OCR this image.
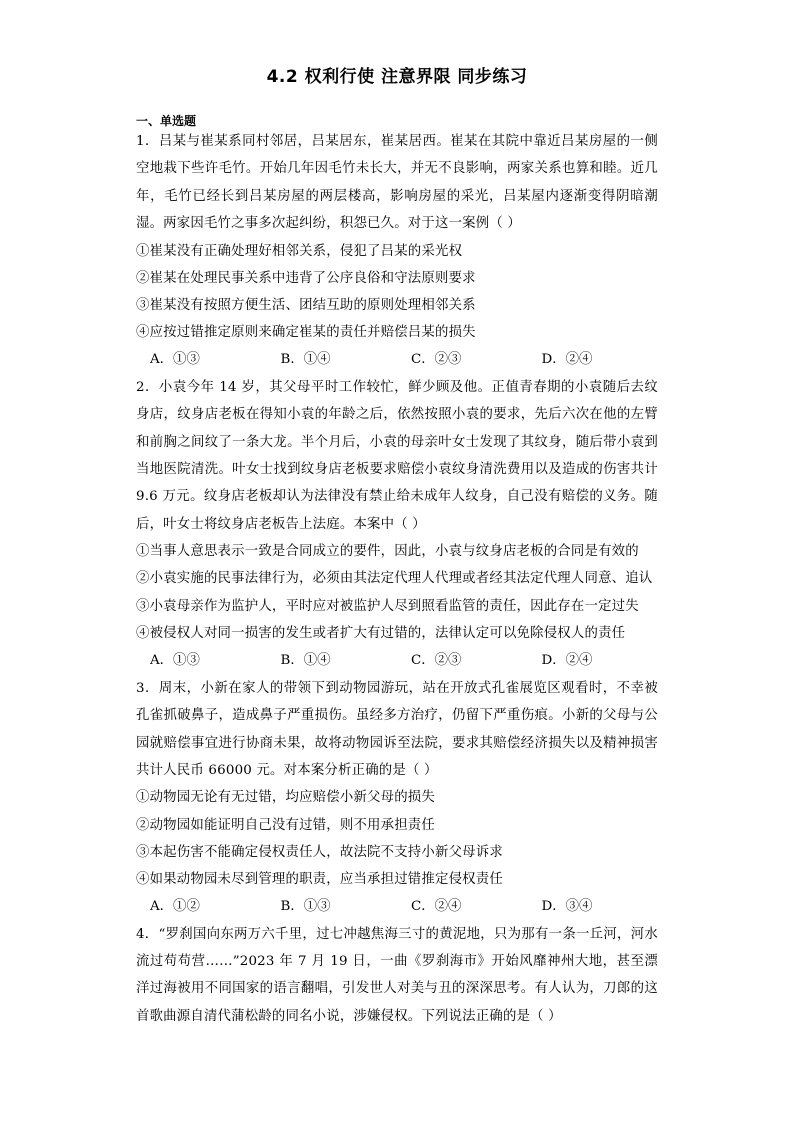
4.2 权利行使 注意界限 同步练习
一、单选题

1．吕某与崔某系同村邻居，吕某居东，崔某居西。崔某在其院中靠近吕某房屋的一侧空地栽下些许毛竹。开始几年因毛竹未长大，并无不良影响，两家关系也算和睦。近几年，毛竹已经长到吕某房屋的两层楼高，影响房屋的采光，吕某屋内逐渐变得阴暗潮湿。两家因毛竹之事多次起纠纷，积怨已久。对于这一案例（ ）

①崔某没有正确处理好相邻关系，侵犯了吕某的采光权

②崔某在处理民事关系中违背了公序良俗和守法原则要求

③崔某没有按照方便生活、团结互助的原则处理相邻关系

④应按过错推定原则来确定崔某的责任并赔偿吕某的损失

A．①③	B．①④	C．②③	D．②④

2．小袁今年 14 岁，其父母平时工作较忙，鲜少顾及他。正值青春期的小袁随后去纹身店，纹身店老板在得知小袁的年龄之后，依然按照小袁的要求，先后六次在他的左臂和前胸之间纹了一条大龙。半个月后，小袁的母亲叶女士发现了其纹身，随后带小袁到当地医院清洗。叶女士找到纹身店老板要求赔偿小袁纹身清洗费用以及造成的伤害共计 9.6 万元。纹身店老板却认为法律没有禁止给未成年人纹身，自己没有赔偿的义务。随后，叶女士将纹身店老板告上法庭。本案中（ ）

①当事人意思表示一致是合同成立的要件，因此，小袁与纹身店老板的合同是有效的

②小袁实施的民事法律行为，必须由其法定代理人代理或者经其法定代理人同意、追认

③小袁母亲作为监护人，平时应对被监护人尽到照看监管的责任，因此存在一定过失

④被侵权人对同一损害的发生或者扩大有过错的，法律认定可以免除侵权人的责任

A．①③	B．①④	C．②③	D．②④

3．周末，小新在家人的带领下到动物园游玩，站在开放式孔雀展览区观看时，不幸被孔雀抓破鼻子，造成鼻子严重损伤。虽经多方治疗，仍留下严重伤痕。小新的父母与公园就赔偿事宜进行协商未果，故将动物园诉至法院，要求其赔偿经济损失以及精神损害共计人民币 66000 元。对本案分析正确的是（ ）

①动物园无论有无过错，均应赔偿小新父母的损失

②动物园如能证明自己没有过错，则不用承担责任

③本起伤害不能确定侵权责任人，故法院不支持小新父母诉求

④如果动物园未尽到管理的职责，应当承担过错推定侵权责任

A．①②	B．①③	C．②④	D．③④

4．“罗刹国向东两万六千里，过七冲越焦海三寸的黄泥地，只为那有一条一丘河，河水流过苟苟营……”2023 年 7 月 19 日，一曲《罗刹海市》开始风靡神州大地，甚至漂洋过海被用不同国家的语言翻唱，引发世人对美与丑的深深思考。有人认为，刀郎的这首歌曲源自清代蒲松龄的同名小说，涉嫌侵权。下列说法正确的是（ ）
